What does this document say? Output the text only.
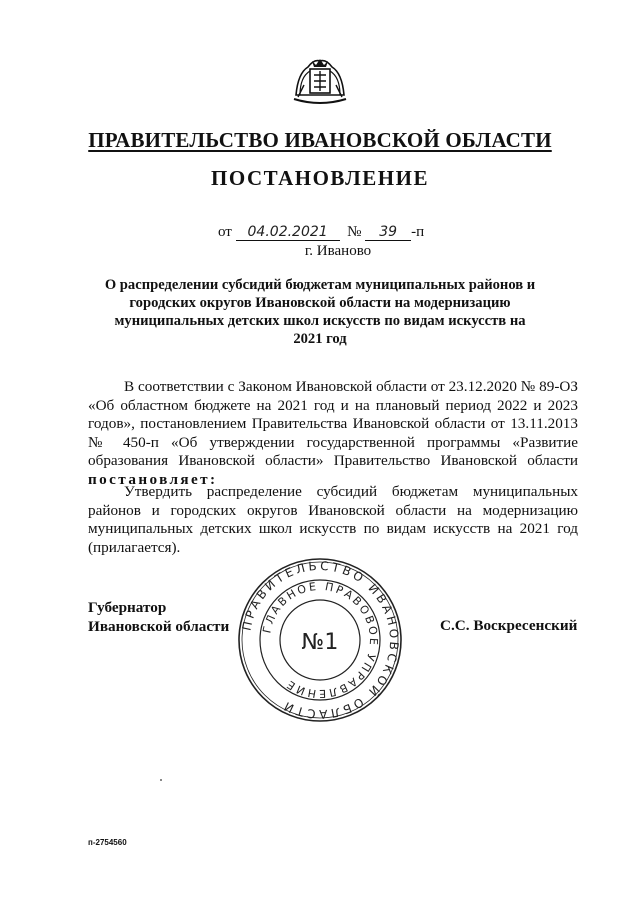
ПРАВИТЕЛЬСТВО ИВАНОВСКОЙ ОБЛАСТИ
ПОСТАНОВЛЕНИЕ
от 04.02.2021 № 39 -п
г. Иваново
О распределении субсидий бюджетам муниципальных районов и городских округов Ивановской области на модернизацию муниципальных детских школ искусств по видам искусств на 2021 год
В соответствии с Законом Ивановской области от 23.12.2020 № 89-ОЗ «Об областном бюджете на 2021 год и на плановый период 2022 и 2023 годов», постановлением Правительства Ивановской области от 13.11.2013 № 450-п «Об утверждении государственной программы «Развитие образования Ивановской области» Правительство Ивановской области постановляет:
Утвердить распределение субсидий бюджетам муниципальных районов и городских округов Ивановской области на модернизацию муниципальных детских школ искусств по видам искусств на 2021 год (прилагается).
Губернатор
Ивановской области ПРАВИТЕЛЬСТВО ИВАНОВСКОЙ ОБЛАСТИ
ГЛАВНОЕ ПРАВОВОЕ УПРАВЛЕНИЕ
№1
С.С. Воскресенский
п-2754560
